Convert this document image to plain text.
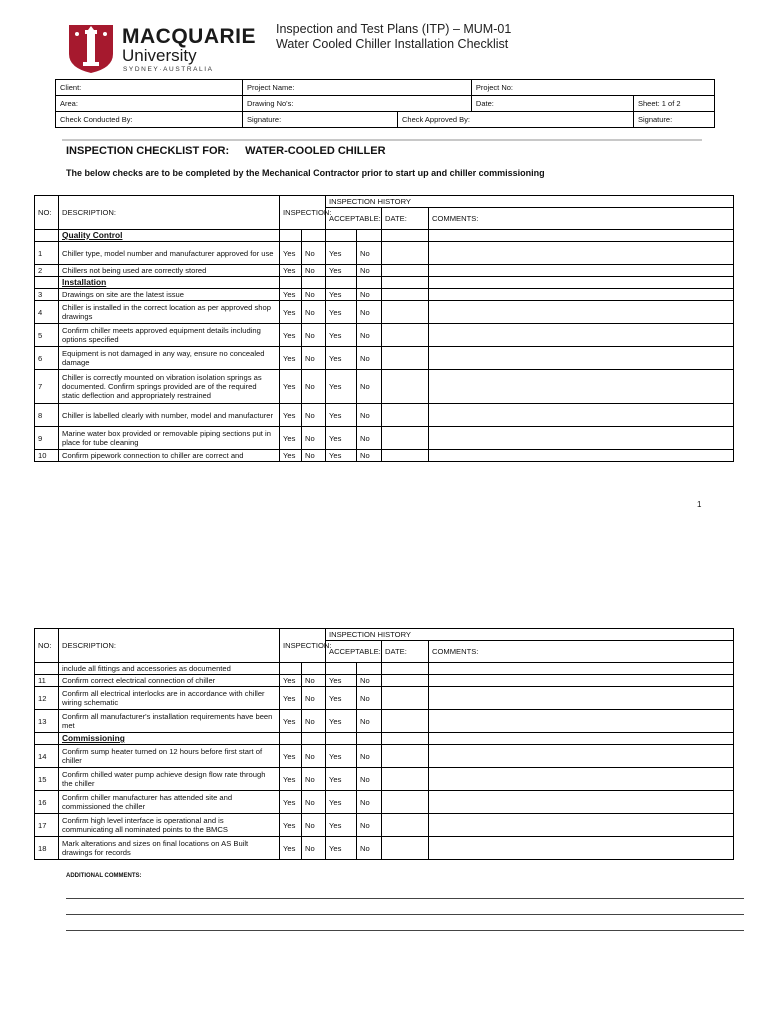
MACQUARIE
University
SYDNEY·AUSTRALIA
Inspection and Test Plans (ITP) – MUM-01
Water Cooled Chiller Installation Checklist
Client:	Project Name:		Project No:	
Area:	Drawing No's:		Date:	Sheet: 1 of 2
Check Conducted By:	Signature:	Check Approved By:		Signature:
INSPECTION CHECKLIST FOR: WATER-COOLED CHILLER
The below checks are to be completed by the Mechanical Contractor prior to start up and chiller commissioning
NO:	DESCRIPTION:	INSPECTION:		INSPECTION HISTORY			
				ACCEPTABLE:		DATE:	COMMENTS:
	Quality Control						
1	Chiller type, model number and manufacturer approved for use	Yes	No	Yes	No		
2	Chillers not being used are correctly stored	Yes	No	Yes	No		
	Installation						
3	Drawings on site are the latest issue	Yes	No	Yes	No		
4	Chiller is installed in the correct location as per approved shop drawings	Yes	No	Yes	No		
5	Confirm chiller meets approved equipment details including options specified	Yes	No	Yes	No		
6	Equipment is not damaged in any way, ensure no concealed damage	Yes	No	Yes	No		
7	Chiller is correctly mounted on vibration isolation springs as documented. Confirm springs provided are of the required static deflection and appropriately restrained	Yes	No	Yes	No		
8	Chiller is labelled clearly with number, model and manufacturer	Yes	No	Yes	No		
9	Marine water box provided or removable piping sections put in place for tube cleaning	Yes	No	Yes	No		
10	Confirm pipework connection to chiller are correct and	Yes	No	Yes	No		
1
NO:	DESCRIPTION:	INSPECTION:		INSPECTION HISTORY			
				ACCEPTABLE:		DATE:	COMMENTS:
	include all fittings and accessories as documented						
11	Confirm correct electrical connection of chiller	Yes	No	Yes	No		
12	Confirm all electrical interlocks are in accordance with chiller wiring schematic	Yes	No	Yes	No		
13	Confirm all manufacturer's installation requirements have been met	Yes	No	Yes	No		
	Commissioning						
14	Confirm sump heater turned on 12 hours before first start of chiller	Yes	No	Yes	No		
15	Confirm chilled water pump achieve design flow rate through the chiller	Yes	No	Yes	No		
16	Confirm chiller manufacturer has attended site and commissioned the chiller	Yes	No	Yes	No		
17	Confirm high level interface is operational and is communicating all nominated points to the BMCS	Yes	No	Yes	No		
18	Mark alterations and sizes on final locations on AS Built drawings for records	Yes	No	Yes	No		
ADDITIONAL COMMENTS:
